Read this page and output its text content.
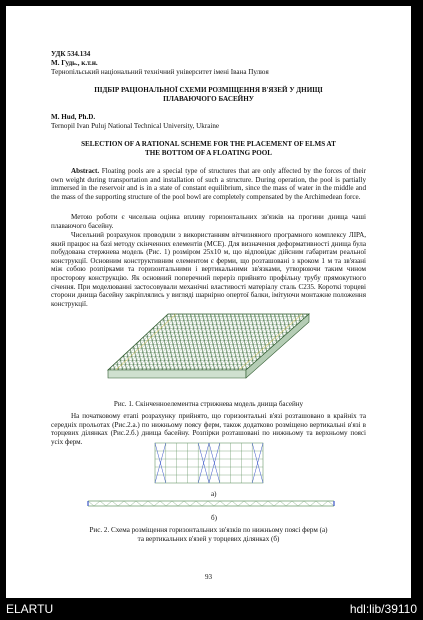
УДК 534.134
М. Гудь., к.т.н.
Тернопільський національний технічний університет імені Івана Пулюя
ПІДБІР РАЦІОНАЛЬНОЇ СХЕМИ РОЗМІЩЕННЯ В'ЯЗЕЙ У ДНИЩІ
ПЛАВАЮЧОГО БАСЕЙНУ
M. Hud, Ph.D.
Ternopil Ivan Puluj National Technical University, Ukraine
SELECTION OF A RATIONAL SCHEME FOR THE PLACEMENT OF ELMS AT
THE BOTTOM OF A FLOATING POOL

Abstract. Floating pools are a special type of structures that are only affected by the forces of their own weight during transportation and installation of such a structure. During operation, the pool is partially immersed in the reservoir and is in a state of constant equilibrium, since the mass of water in the middle and the mass of the supporting structure of the pool bowl are completely compensated by the Archimedean force.

Метою роботи є чисельна оцінка впливу горизонтальних зв'язків на прогини днища чаші плаваючого басейну.

Чисельний розрахунок проводили з використанням вітчизняного програмного комплексу ЛІРА, який працює на базі методу скінченних елементів (МСЕ). Для визначення деформативності днища була побудована стержнева модель (Рис. 1) розміром 25х10 м, що відповідає дійсним габаритам реальної конструкції. Основним конструктивним елементом є ферми, що розташовані з кроком 1 м та зв'язані між собою розпірками та горизонтальними і вертикальними зв'язками, утворюючи таким чином просторову конструкцію. Як основний поперечний переріз прийнято профільну трубу прямокутного січення. При моделюванні застосовували механічні властивості матеріалу сталь С235. Короткі торцеві сторони днища басейну закріплялись у вигляді шарнірно опертої балки, імітуючи монтажне положення конструкції.

Рис. 1. Скінченноелементна стрижнева модель днища басейну

На початковому етапі розрахунку прийнято, що горизонтальні в'язі розташовано в крайніх та середніх прольотах (Рис.2.а.) по нижньому поясу ферм, також додатково розміщено вертикальні в'язі в торцевих ділянках (Рис.2.б.) днища басейну. Розпірки розташовані по нижньому та верхньому поясі усіх ферм.

а)
б)
Рис. 2. Схема розміщення горизонтальних зв'язків по нижньому поясі ферм (а)
та вертикальних в'язей у торцевих ділянках (б)
93
ELARTU	hdl:lib/39110
